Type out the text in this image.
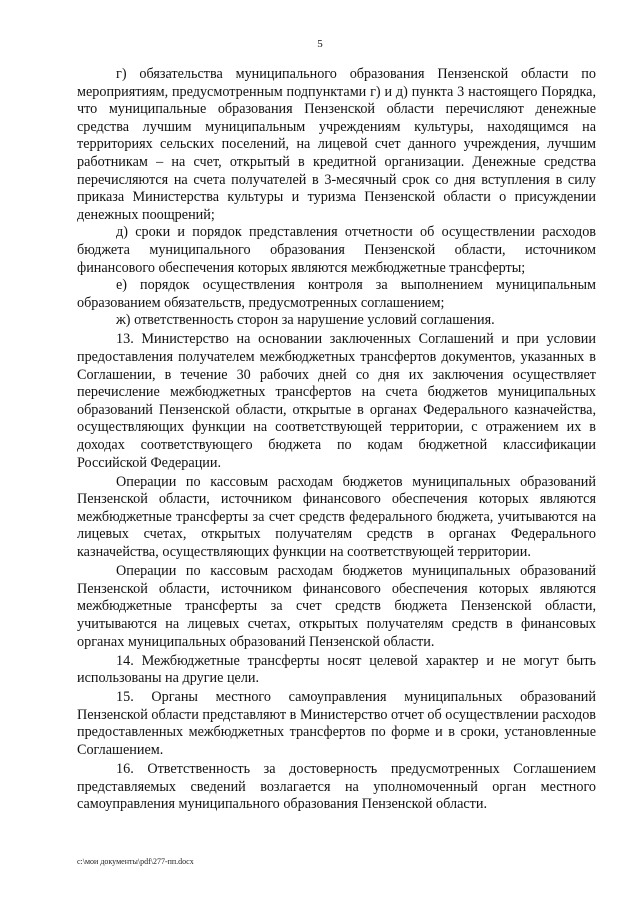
5

г) обязательства муниципального образования Пензенской области по мероприятиям, предусмотренным подпунктами г) и д) пункта 3 настоящего Порядка, что муниципальные образования Пензенской области перечисляют денежные средства лучшим муниципальным учреждениям культуры, находящимся на территориях сельских поселений, на лицевой счет данного учреждения, лучшим работникам – на счет, открытый в кредитной организации. Денежные средства перечисляются на счета получателей в 3-месячный срок со дня вступления в силу приказа Министерства культуры и туризма Пензенской области о присуждении денежных поощрений;

д) сроки и порядок представления отчетности об осуществлении расходов бюджета муниципального образования Пензенской области, источником финансового обеспечения которых являются межбюджетные трансферты;

е) порядок осуществления контроля за выполнением муниципальным образованием обязательств, предусмотренных соглашением;

ж) ответственность сторон за нарушение условий соглашения.

13. Министерство на основании заключенных Соглашений и при условии предоставления получателем межбюджетных трансфертов документов, указанных в Соглашении, в течение 30 рабочих дней со дня их заключения осуществляет перечисление межбюджетных трансфертов на счета бюджетов муниципальных образований Пензенской области, открытые в органах Федерального казначейства, осуществляющих функции на соответствующей территории, с отражением их в доходах соответствующего бюджета по кодам бюджетной классификации Российской Федерации.

Операции по кассовым расходам бюджетов муниципальных образований Пензенской области, источником финансового обеспечения которых являются межбюджетные трансферты за счет средств федерального бюджета, учитываются на лицевых счетах, открытых получателям средств в органах Федерального казначейства, осуществляющих функции на соответствующей территории.

Операции по кассовым расходам бюджетов муниципальных образований Пензенской области, источником финансового обеспечения которых являются межбюджетные трансферты за счет средств бюджета Пензенской области, учитываются на лицевых счетах, открытых получателям средств в финансовых органах муниципальных образований Пензенской области.

14. Межбюджетные трансферты носят целевой характер и не могут быть использованы на другие цели.

15. Органы местного самоуправления муниципальных образований Пензенской области представляют в Министерство отчет об осуществлении расходов предоставленных межбюджетных трансфертов по форме и в сроки, установленные Соглашением.

16. Ответственность за достоверность предусмотренных Соглашением представляемых сведений возлагается на уполномоченный орган местного самоуправления муниципального образования Пензенской области.

c:\мои документы\pdf\277-пп.docx
